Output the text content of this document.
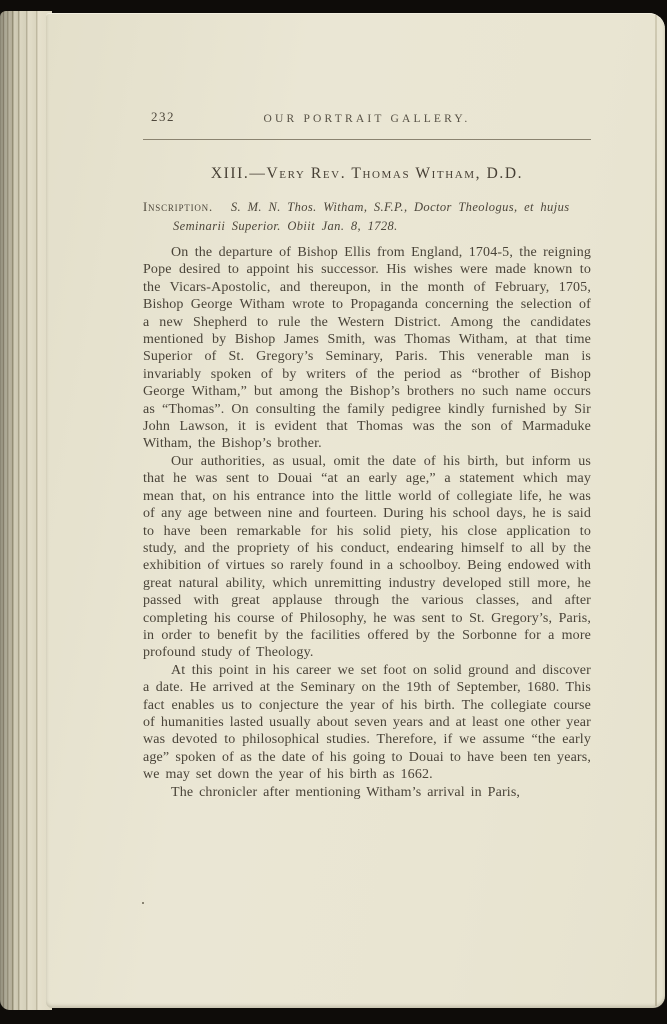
232	OUR PORTRAIT GALLERY.
XIII.—Very Rev. Thomas Witham, D.D.

Inscription. S. M. N. Thos. Witham, S.F.P., Doctor Theologus, et hujus Seminarii Superior. Obiit Jan. 8, 1728.

On the departure of Bishop Ellis from England, 1704-5, the reigning Pope desired to appoint his successor. His wishes were made known to the Vicars-Apostolic, and thereupon, in the month of February, 1705, Bishop George Witham wrote to Propaganda concerning the selection of a new Shepherd to rule the Western District. Among the candidates mentioned by Bishop James Smith, was Thomas Witham, at that time Superior of St. Gregory’s Seminary, Paris. This venerable man is invariably spoken of by writers of the period as “brother of Bishop George Witham,” but among the Bishop’s brothers no such name occurs as “Thomas”. On consulting the family pedigree kindly furnished by Sir John Lawson, it is evident that Thomas was the son of Marmaduke Witham, the Bishop’s brother.

Our authorities, as usual, omit the date of his birth, but inform us that he was sent to Douai “at an early age,” a statement which may mean that, on his entrance into the little world of collegiate life, he was of any age between nine and fourteen. During his school days, he is said to have been remarkable for his solid piety, his close application to study, and the propriety of his conduct, endearing himself to all by the exhibition of virtues so rarely found in a schoolboy. Being endowed with great natural ability, which unremitting industry developed still more, he passed with great applause through the various classes, and after completing his course of Philosophy, he was sent to St. Gregory’s, Paris, in order to benefit by the facilities offered by the Sorbonne for a more profound study of Theology.

At this point in his career we set foot on solid ground and discover a date. He arrived at the Seminary on the 19th of September, 1680. This fact enables us to conjecture the year of his birth. The collegiate course of humanities lasted usually about seven years and at least one other year was devoted to philosophical studies. Therefore, if we assume “the early age” spoken of as the date of his going to Douai to have been ten years, we may set down the year of his birth as 1662.

The chronicler after mentioning Witham’s arrival in Paris,
